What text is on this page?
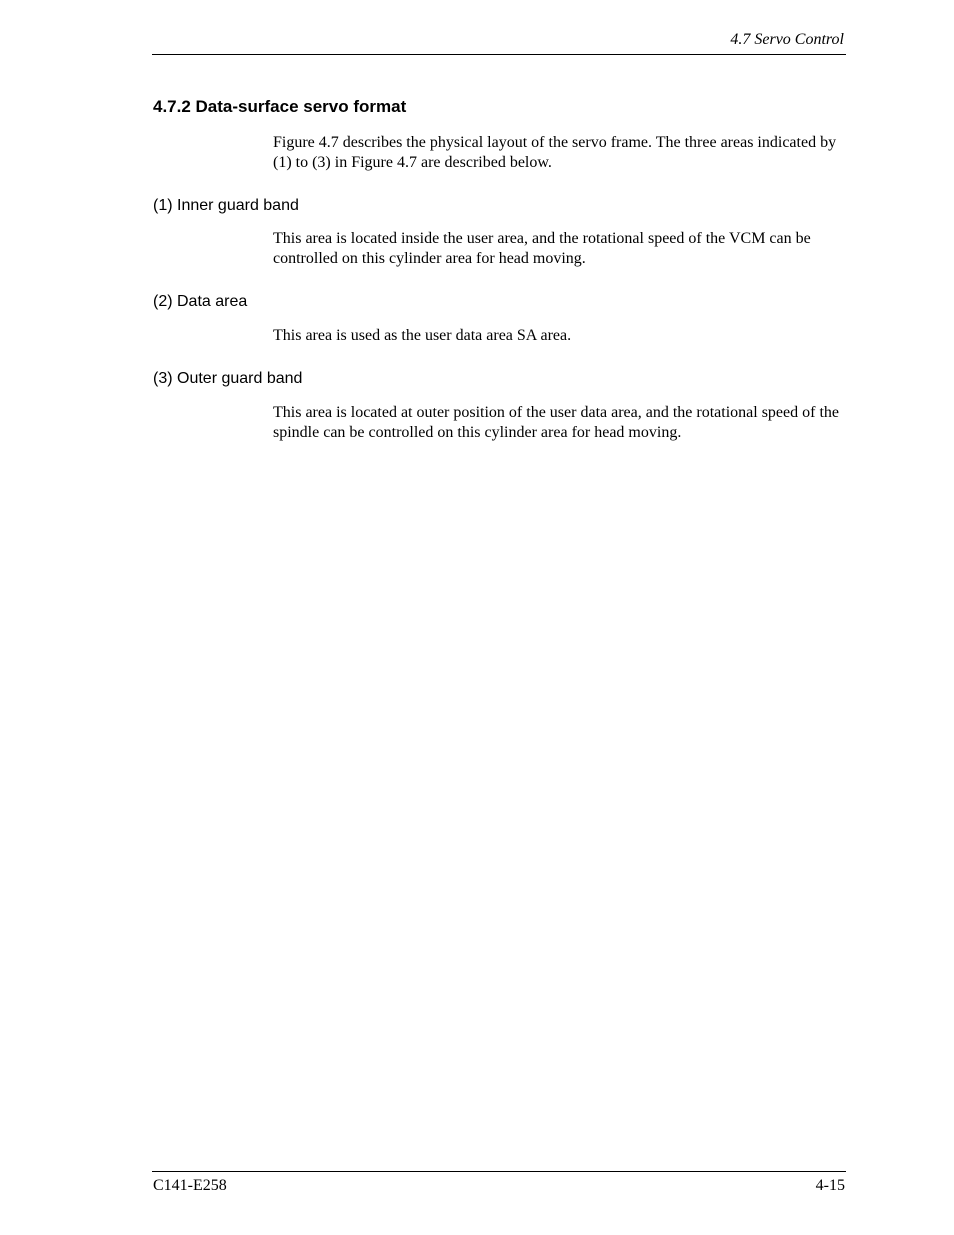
4.7 Servo Control
4.7.2 Data-surface servo format
Figure 4.7 describes the physical layout of the servo frame. The three areas indicated by (1) to (3) in Figure 4.7 are described below.
(1) Inner guard band
This area is located inside the user area, and the rotational speed of the VCM can be controlled on this cylinder area for head moving.
(2) Data area
This area is used as the user data area SA area.
(3) Outer guard band
This area is located at outer position of the user data area, and the rotational speed of the spindle can be controlled on this cylinder area for head moving.
C141-E258	4-15
